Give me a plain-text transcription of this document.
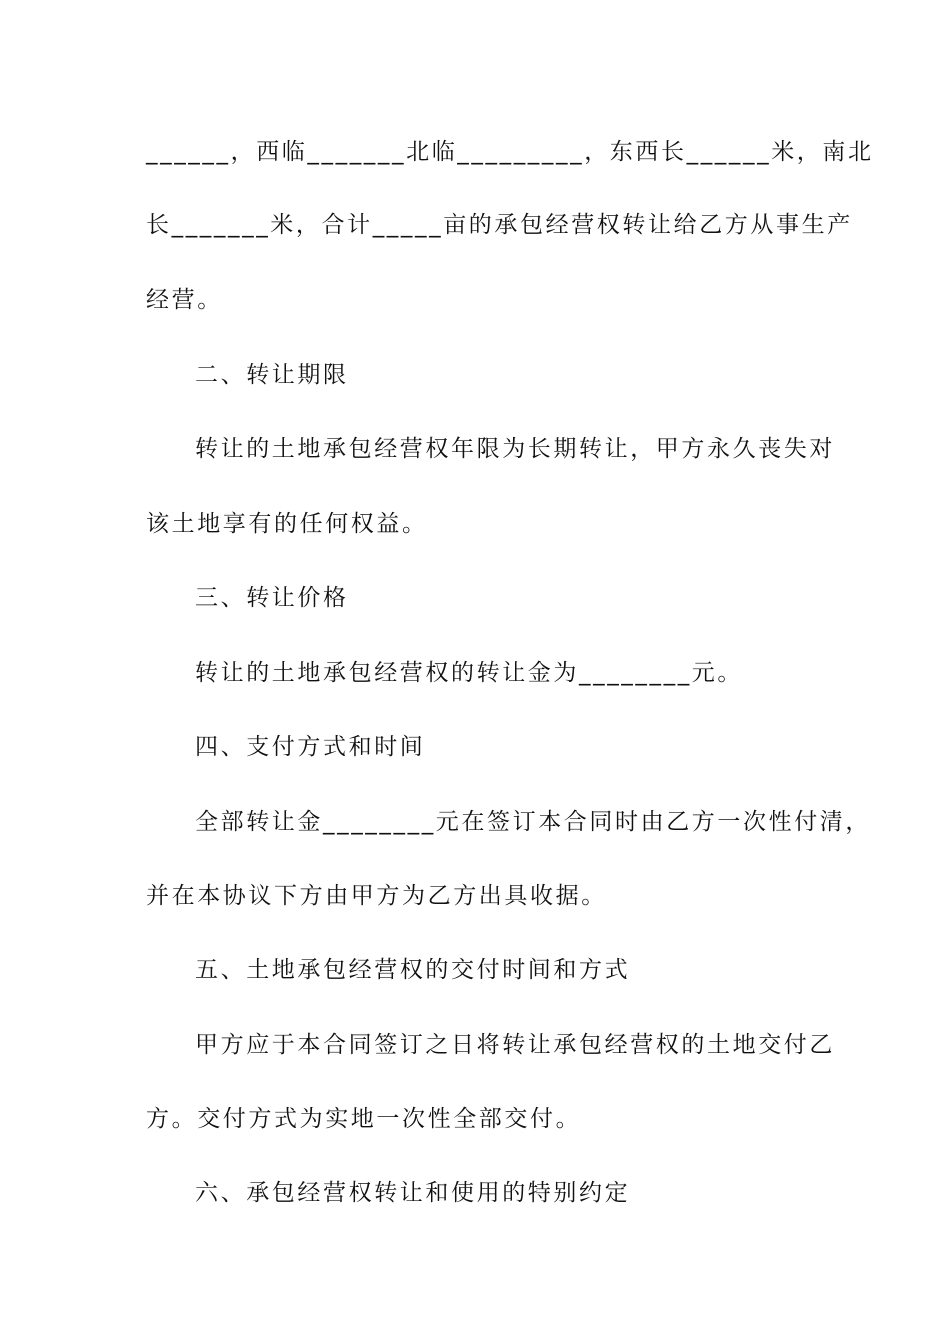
______，西临_______北临_________，东西长______米，南北
长_______米，合计_____亩的承包经营权转让给乙方从事生产
经营。
二、转让期限
转让的土地承包经营权年限为长期转让，甲方永久丧失对
该土地享有的任何权益。
三、转让价格
转让的土地承包经营权的转让金为________元。
四、支付方式和时间
全部转让金________元在签订本合同时由乙方一次性付清，
并在本协议下方由甲方为乙方出具收据。
五、土地承包经营权的交付时间和方式
甲方应于本合同签订之日将转让承包经营权的土地交付乙
方。交付方式为实地一次性全部交付。
六、承包经营权转让和使用的特别约定
